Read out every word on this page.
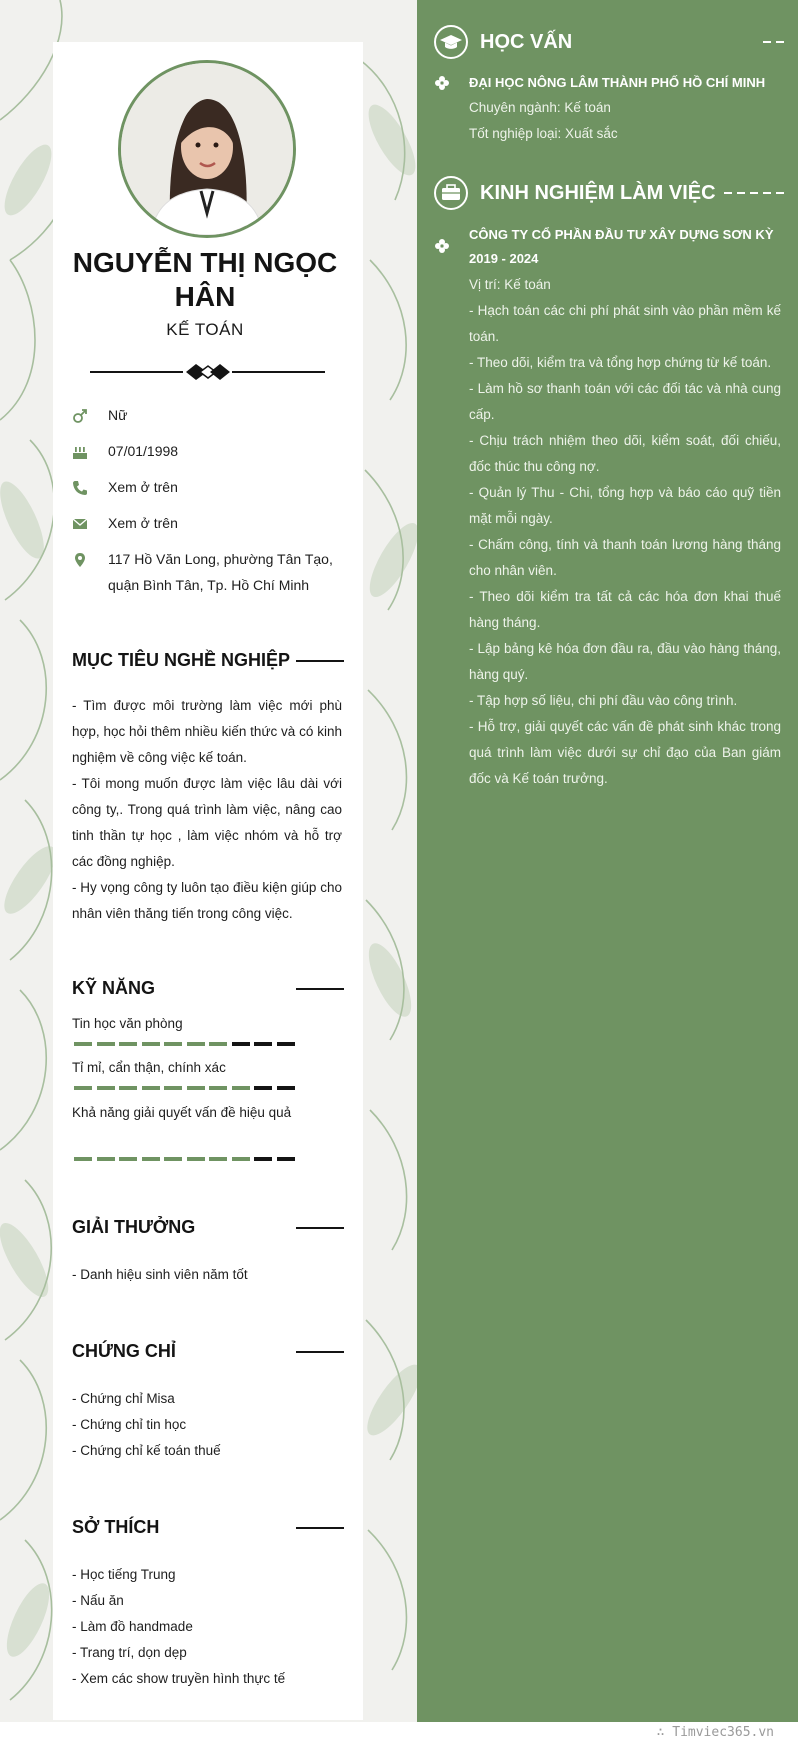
NGUYỄN THỊ NGỌC HÂN
KẾ TOÁN
Nữ
07/01/1998
Xem ở trên
Xem ở trên
117 Hồ Văn Long, phường Tân Tạo, quận Bình Tân, Tp. Hồ Chí Minh
MỤC TIÊU NGHỀ NGHIỆP

- Tìm được môi trường làm việc mới phù hợp, học hỏi thêm nhiều kiến thức và có kinh nghiệm về công việc kế toán.

- Tôi mong muốn được làm việc lâu dài với công ty,. Trong quá trình làm việc, nâng cao tinh thần tự học , làm việc nhóm và hỗ trợ các đồng nghiệp.

- Hy vọng công ty luôn tạo điều kiện giúp cho nhân viên thăng tiến trong công việc.

KỸ NĂNG
Tin học văn phòng
Tỉ mỉ, cẩn thận, chính xác
Khả năng giải quyết vấn đề hiệu quả
GIẢI THƯỞNG

- Danh hiệu sinh viên năm tốt

CHỨNG CHỈ

- Chứng chỉ Misa

- Chứng chỉ tin học

- Chứng chỉ kế toán thuế

SỞ THÍCH

- Học tiếng Trung

- Nấu ăn

- Làm đồ handmade

- Trang trí, dọn dẹp

- Xem các show truyền hình thực tế

HỌC VẤN
ĐẠI HỌC NÔNG LÂM THÀNH PHỐ HỒ CHÍ MINH
Chuyên ngành: Kế toán
Tốt nghiệp loại: Xuất sắc
KINH NGHIỆM LÀM VIỆC
CÔNG TY CỔ PHẦN ĐẦU TƯ XÂY DỰNG SƠN KỲ
2019 - 2024
Vị trí: Kế toán

- Hạch toán các chi phí phát sinh vào phần mềm kế toán.

- Theo dõi, kiểm tra và tổng hợp chứng từ kế toán.

- Làm hồ sơ thanh toán với các đối tác và nhà cung cấp.

- Chịu trách nhiệm theo dõi, kiểm soát, đối chiếu, đốc thúc thu công nợ.

- Quản lý Thu - Chi, tổng hợp và báo cáo quỹ tiền mặt mỗi ngày.

- Chấm công, tính và thanh toán lương hàng tháng cho nhân viên.

- Theo dõi kiểm tra tất cả các hóa đơn khai thuế hàng tháng.

- Lập bảng kê hóa đơn đầu ra, đầu vào hàng tháng, hàng quý.

- Tập hợp số liệu, chi phí đầu vào công trình.

- Hỗ trợ, giải quyết các vấn đề phát sinh khác trong quá trình làm việc dưới sự chỉ đạo của Ban giám đốc và Kế toán trưởng.

∴ Timviec365.vn
